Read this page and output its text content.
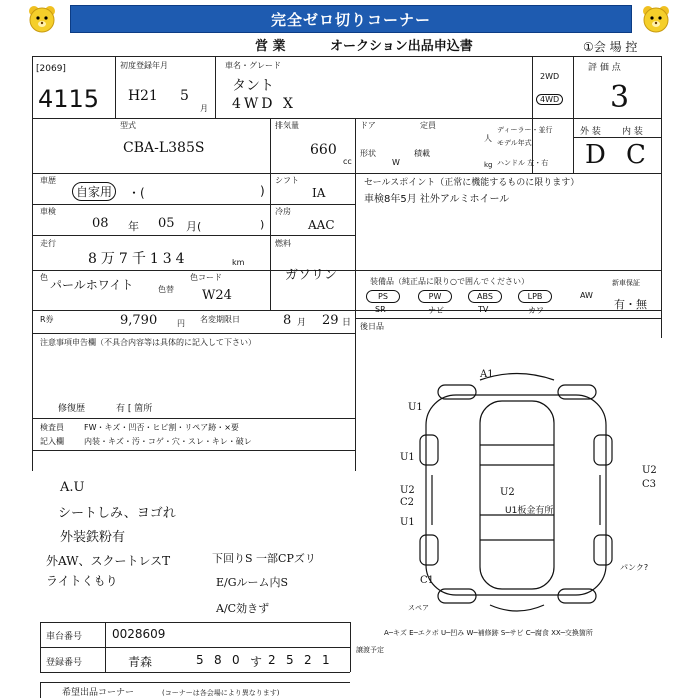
完全ゼロ切りコーナー
営 業	オークション出品申込書	①会 場 控
[2069]
4115
初度登録年月
H 21 5
月
車名・グレード
タント
4WD X
2WD
4WD
評 価 点
3
型式
CBA-L385S
排気量
660
cc
ドア	定員
人
ディーラー・並行
モデル年式
ハンドル 左・右
形状
W
積載
kg
外 装 内 装
D C
車歴
自家用	・(	)
シフト
IA
車検
08 年 05 月(	)
冷房
AAC
走行
8万7千134	km
燃料
ガソリン
色
パールホワイト	色替
色コード
W24
R券	9,790 円 名変期限日	8 月 29 日
セールスポイント（正常に機能するものに限ります）
車検8年5月 社外アルミホイール
装備品（純正品に限り○で囲んでください）	新車保証
PS	PW	ABS	LPB	AW
SR	ナビ	TV	カワ	有・無
後日品
注意事項申告欄（不具合内容等は具体的に記入して下さい）
修復歴	有 [ 箇所
検査員
記入欄
FW・キズ・凹否・ヒビ割・リペア跡・×要
内装・キズ・汚・コゲ・穴・スレ・キレ・破レ
A.U
シートしみ、ヨゴれ
外装鉄粉有
外AW、スクートレスT
ライトくもり
下回りS 一部CPズリ
E/Gルーム内S
A/C効きず
A1
U1
U1
U1
U2
C2
U2
U2
C3
C1
U1板金有所
パンク?
スペア
A─キズ E─エクボ U─凹み W─補修跡 S─サビ C─腐食 XX─交換箇所
車台番号 0028609
登録番号	青森	5 8 0 す 2 5 2 1
譲渡予定
希望出品コーナー	(コーナーは各会場により異なります)
